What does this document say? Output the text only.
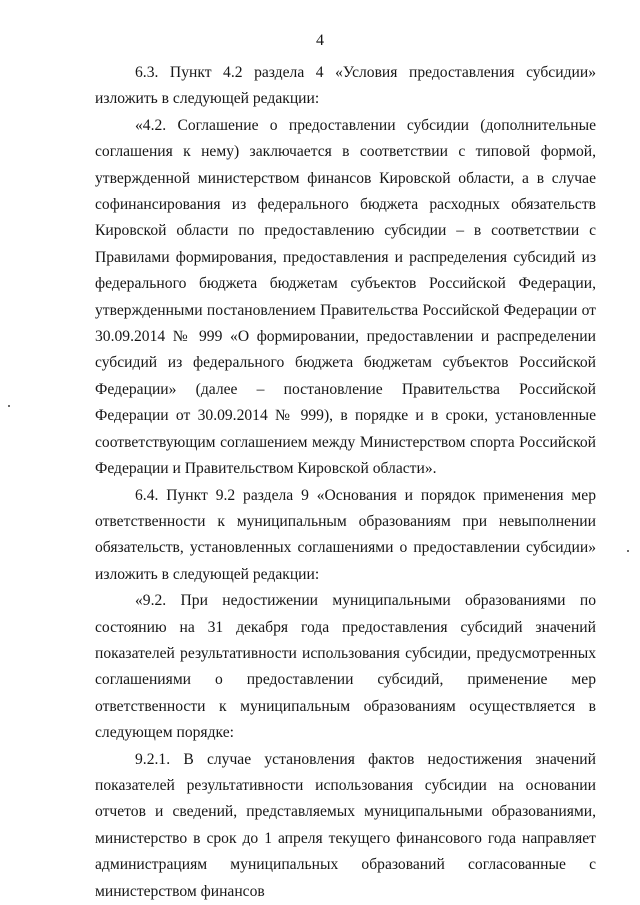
4

6.3. Пункт 4.2 раздела 4 «Условия предоставления субсидии» изложить в следующей редакции:

«4.2. Соглашение о предоставлении субсидии (дополнительные соглашения к нему) заключается в соответствии с типовой формой, утвержденной министерством финансов Кировской области, а в случае софинансирования из федерального бюджета расходных обязательств Кировской области по предоставлению субсидии – в соответствии с Правилами формирования, предоставления и распределения субсидий из федерального бюджета бюджетам субъектов Российской Федерации, утвержденными постановлением Правительства Российской Федерации от 30.09.2014 № 999 «О формировании, предоставлении и распределении субсидий из федерального бюджета бюджетам субъектов Российской Федерации» (далее – постановление Правительства Российской Федерации от 30.09.2014 № 999), в порядке и в сроки, установленные соответствующим соглашением между Министерством спорта Российской Федерации и Правительством Кировской области».

6.4. Пункт 9.2 раздела 9 «Основания и порядок применения мер ответственности к муниципальным образованиям при невыполнении обязательств, установленных соглашениями о предоставлении субсидии» изложить в следующей редакции:

«9.2. При недостижении муниципальными образованиями по состоянию на 31 декабря года предоставления субсидий значений показателей результативности использования субсидии, предусмотренных соглашениями о предоставлении субсидий, применение мер ответственности к муниципальным образованиям осуществляется в следующем порядке:

9.2.1. В случае установления фактов недостижения значений показателей результативности использования субсидии на основании отчетов и сведений, представляемых муниципальными образованиями, министерство в срок до 1 апреля текущего финансового года направляет администрациям муниципальных образований согласованные с министерством финансов
